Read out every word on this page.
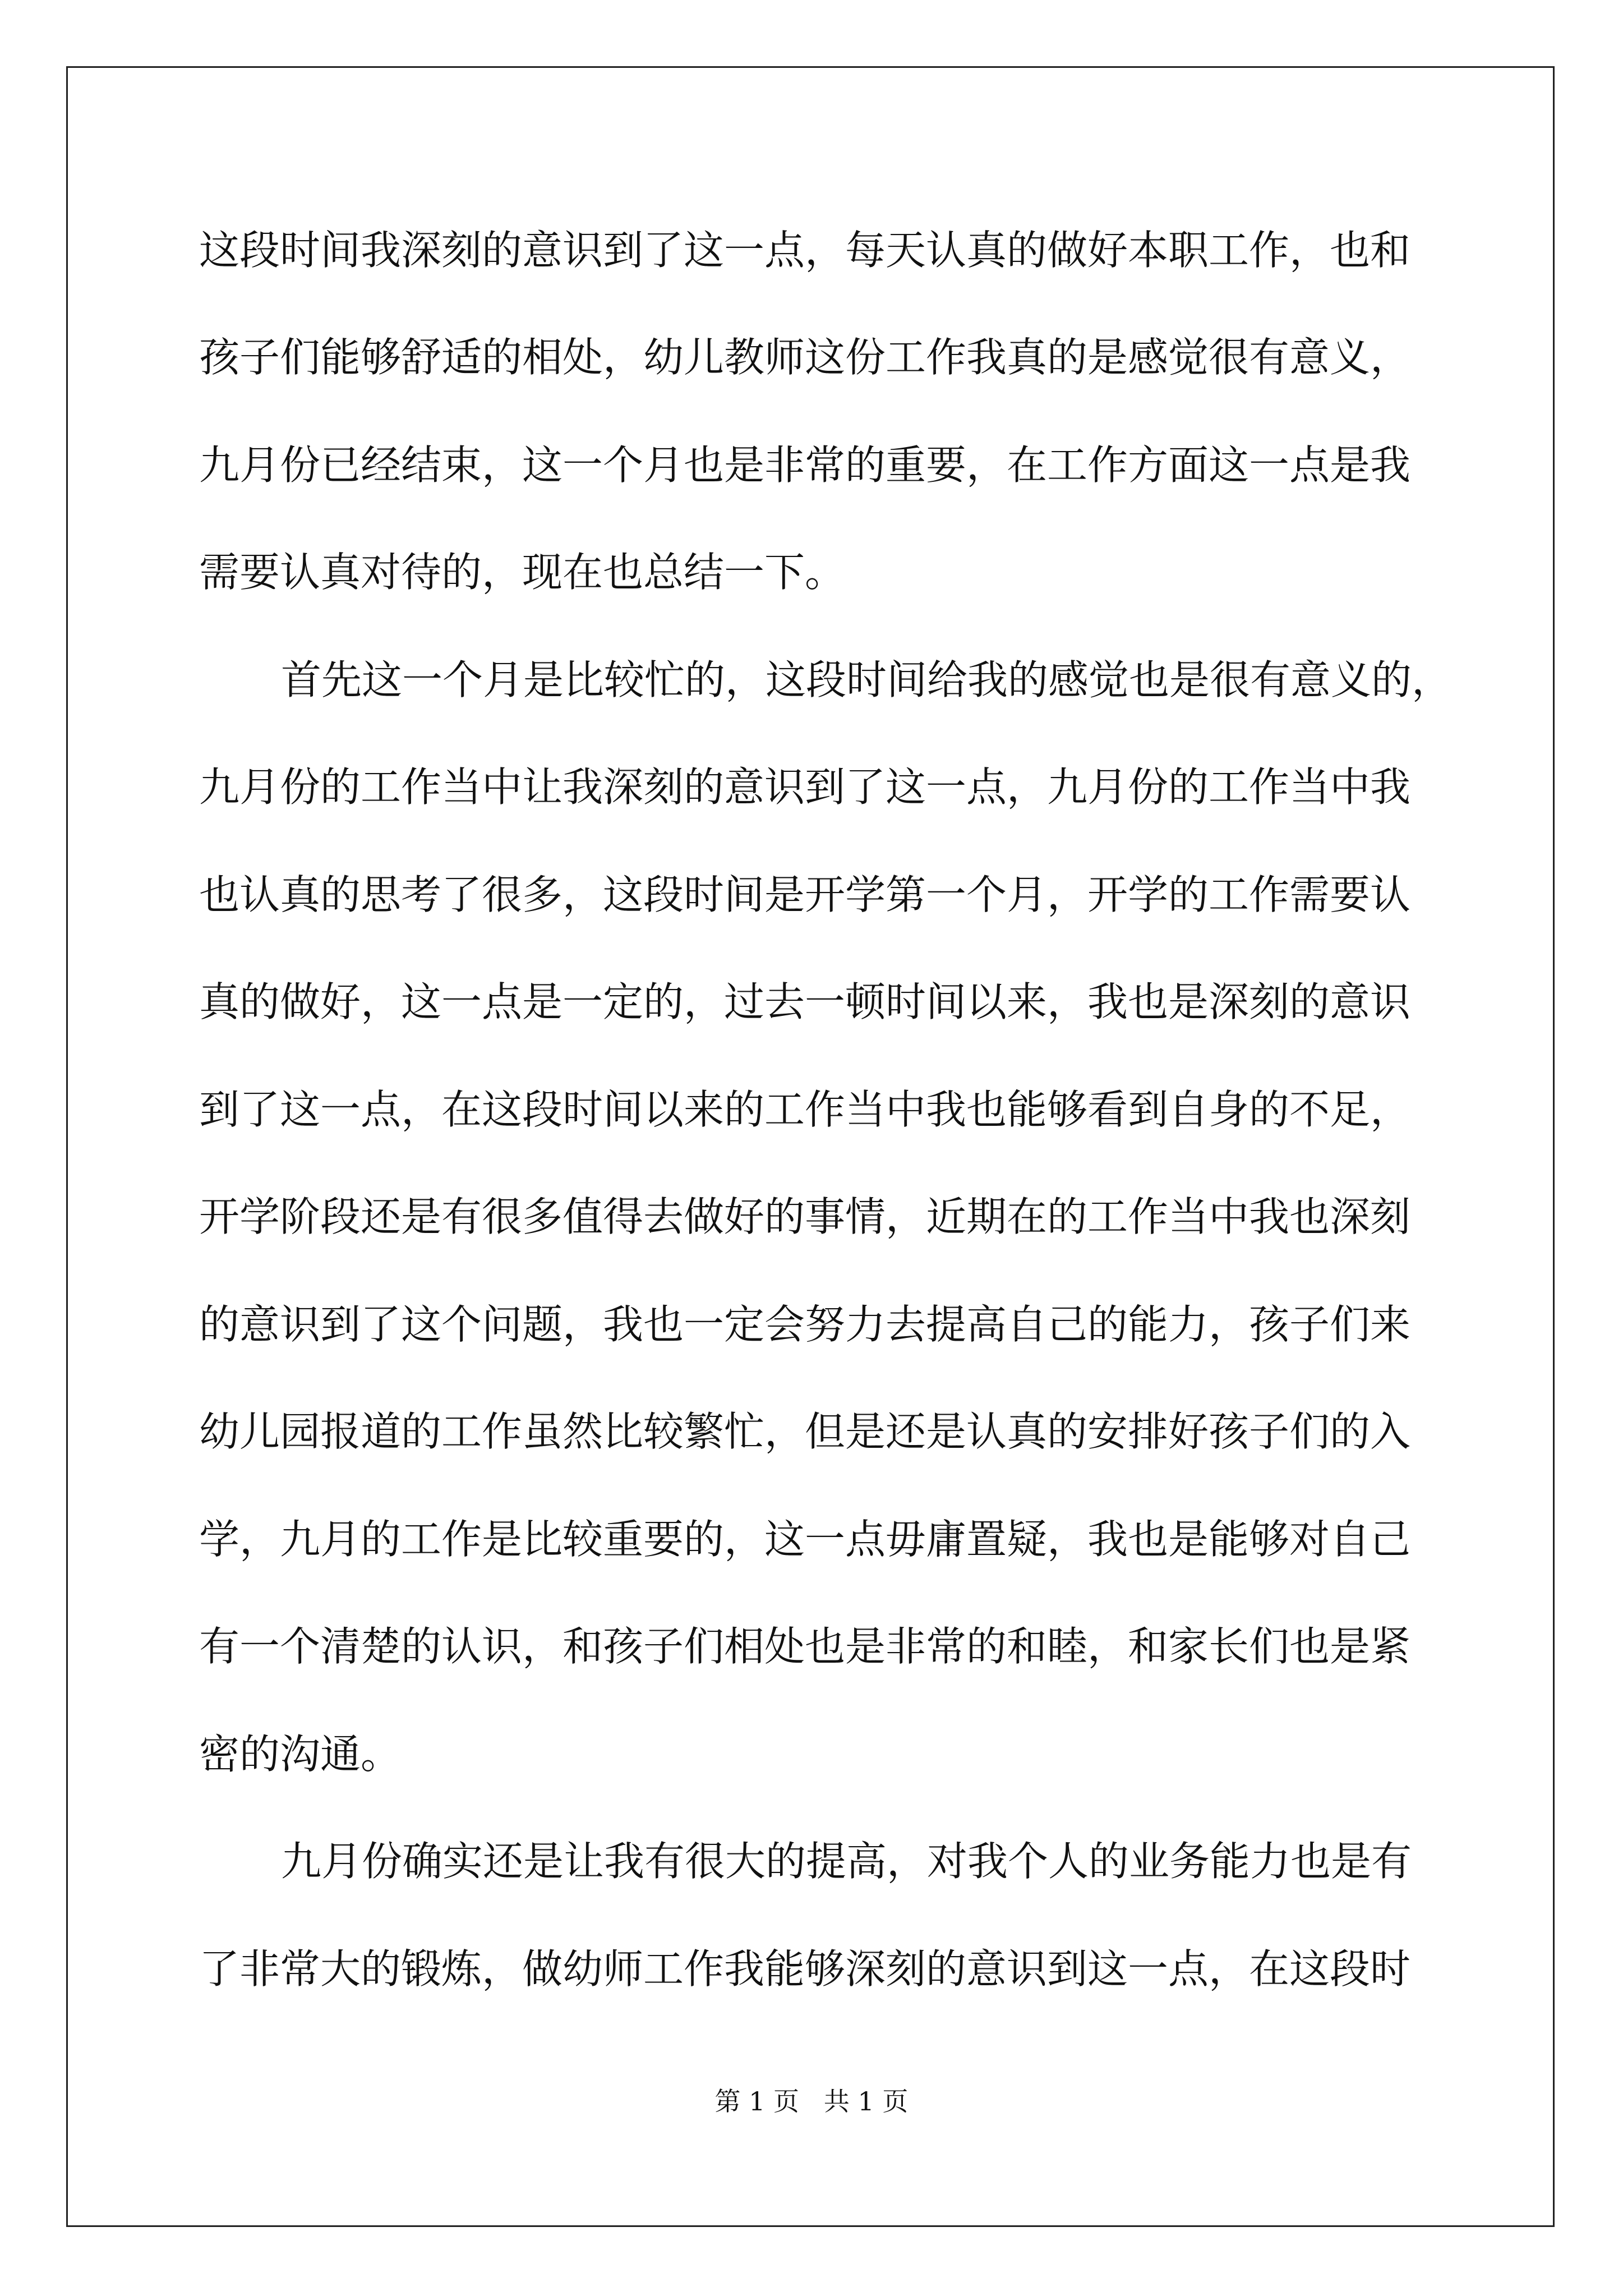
这段时间我深刻的意识到了这一点，每天认真的做好本职工作，也和
孩子们能够舒适的相处，幼儿教师这份工作我真的是感觉很有意义，
九月份已经结束，这一个月也是非常的重要，在工作方面这一点是我
需要认真对待的，现在也总结一下。
首先这一个月是比较忙的，这段时间给我的感觉也是很有意义的，
九月份的工作当中让我深刻的意识到了这一点，九月份的工作当中我
也认真的思考了很多，这段时间是开学第一个月，开学的工作需要认
真的做好，这一点是一定的，过去一顿时间以来，我也是深刻的意识
到了这一点，在这段时间以来的工作当中我也能够看到自身的不足，
开学阶段还是有很多值得去做好的事情，近期在的工作当中我也深刻
的意识到了这个问题，我也一定会努力去提高自己的能力，孩子们来
幼儿园报道的工作虽然比较繁忙，但是还是认真的安排好孩子们的入
学，九月的工作是比较重要的，这一点毋庸置疑，我也是能够对自己
有一个清楚的认识，和孩子们相处也是非常的和睦，和家长们也是紧
密的沟通。
九月份确实还是让我有很大的提高，对我个人的业务能力也是有
了非常大的锻炼，做幼师工作我能够深刻的意识到这一点，在这段时
第 1 页   共 1 页
